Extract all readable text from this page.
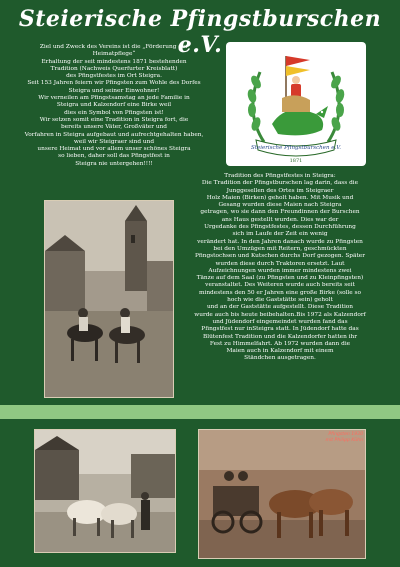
Steierische Pfingstburschen e.V.
Ziel und Zweck des Vereins ist die „Förderung der
Heimatpflege“
Erhaltung der seit mindestens 1871 bestehenden
Tradition (Nachweis Querfurter Kreisblatt)
des Pfingstfestes im Ort Steigra.
Seit 153 Jahren feiern wir Pfingsten zum Wohle des Dorfes
Steigra und seiner Einwohner!
Wir verneilen am Pfingstsamstag an jede Familie in
Steigra und Kalzendorf eine Birke weil
dies ein Symbol von Pfingsten ist!
Wir setzen somit eine Tradition in Steigra fort, die
bereits unsere Väter, Großväter und
Vorfahren in Steigra aufgebaut und aufrechtgehalten haben,
weil wir Steigraer sind und
unsere Heimat und vor allem unser schönes Steigra
so lieben, daher soll das Pfingstfest in
Steigra nie untergehen!!!!
Steierische Pfingstburschen e.V.
1871
Tradition des Pfingstfestes in Steigra:
Die Tradition der Pfingstburschen lag darin, dass die
Junggesellen des Ortes im Steigraer
Holz Maien (Birken) geholt haben. Mit Musik und
Gesang wurden diese Maien nach Steigra
getragen, wo sie dann den Freundinnen der Burschen
ans Haus gestellt wurden. Dies war der
Urgedanke des Pfingstfestes, dessen Durchführung
sich im Laufe der Zeit ein wenig
verändert hat. In den Jahren danach wurde zu Pfingsten
bei den Umzügen mit Reitern, geschmückten
Pfingstochsen und Kutschen durchs Dorf gezogen. Später
wurden diese durch Traktoren ersetzt. Laut
Aufzeichnungen wurden immer mindestens zwei
Tänze auf dem Saal (zu Pfingsten und zu Kleinpfingsten)
veranstaltet. Des Weiteren wurde auch bereits seit
mindestens den 50 er Jahren eine große Birke (solle so
hoch wie die Gaststätte sein) geholt
und an der Gaststätte aufgestellt. Diese Tradition
wurde auch bis heute beibehalten.Bis 1972 als Kalzendorf
und Jüdendorf eingemeindet wurden fand das
Pfingstfest nur inSteigra statt. In Jüdendorf hatte das
Blütenfest Tradition und die Kalzendorfer hatten ihr
Fest zu Himmelfahrt. Ab 1972 wurden dann die
Maien auch in Kalzendorf mit einem
Ständchen ausgetragen.
Pfingsten 1930
mit Philipp Kühn
